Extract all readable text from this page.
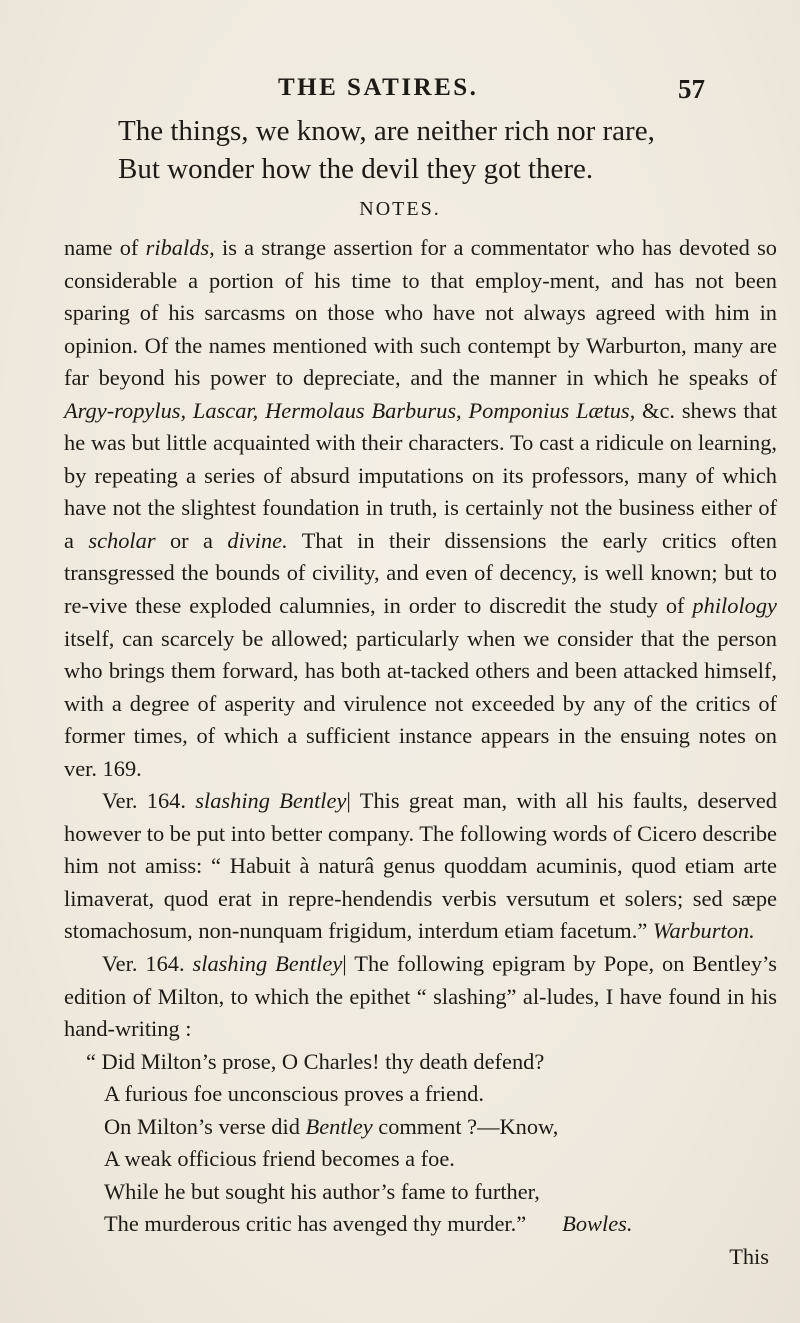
THE SATIRES.	57
The things, we know, are neither rich nor rare,
But wonder how the devil they got there.
NOTES.

name of ribalds, is a strange assertion for a commentator who has devoted so considerable a portion of his time to that employ-ment, and has not been sparing of his sarcasms on those who have not always agreed with him in opinion. Of the names mentioned with such contempt by Warburton, many are far beyond his power to depreciate, and the manner in which he speaks of Argy-ropylus, Lascar, Hermolaus Barburus, Pomponius Lætus, &c. shews that he was but little acquainted with their characters. To cast a ridicule on learning, by repeating a series of absurd imputations on its professors, many of which have not the slightest foundation in truth, is certainly not the business either of a scholar or a divine. That in their dissensions the early critics often transgressed the bounds of civility, and even of decency, is well known; but to re-vive these exploded calumnies, in order to discredit the study of philology itself, can scarcely be allowed; particularly when we consider that the person who brings them forward, has both at-tacked others and been attacked himself, with a degree of asperity and virulence not exceeded by any of the critics of former times, of which a sufficient instance appears in the ensuing notes on ver. 169.

Ver. 164. slashing Bentley| This great man, with all his faults, deserved however to be put into better company. The following words of Cicero describe him not amiss: “ Habuit à naturâ genus quoddam acuminis, quod etiam arte limaverat, quod erat in repre-hendendis verbis versutum et solers; sed sæpe stomachosum, non-nunquam frigidum, interdum etiam facetum.” Warburton.

Ver. 164. slashing Bentley| The following epigram by Pope, on Bentley’s edition of Milton, to which the epithet “ slashing” al-ludes, I have found in his hand-writing :

“ Did Milton’s prose, O Charles! thy death defend?
A furious foe unconscious proves a friend.
On Milton’s verse did Bentley comment ?—Know,
A weak officious friend becomes a foe.
While he but sought his author’s fame to further,
The murderous critic has avenged thy murder.” Bowles.
This
